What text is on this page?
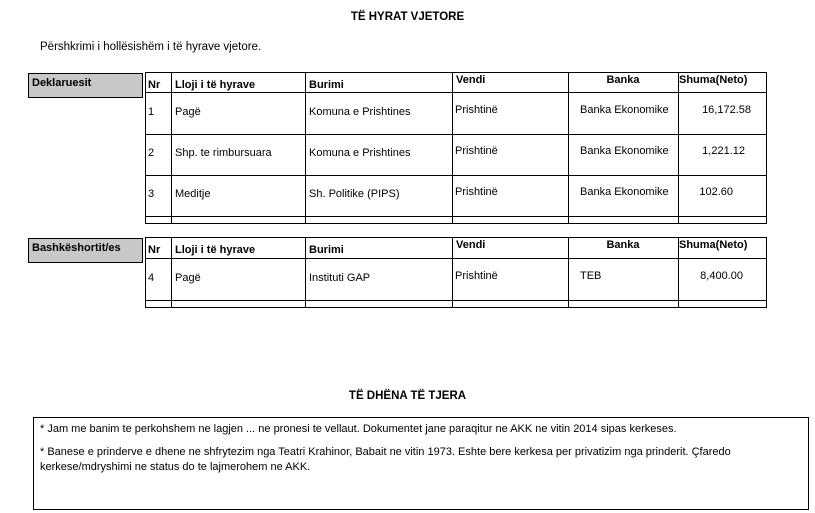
TË HYRAT VJETORE
Përshkrimi i hollësishëm i të hyrave vjetore.
Deklaruesit	Nr Lloji i të hyrave	Burimi	Vendi	Banka	Shuma(Neto)
1 Pagë	Komuna e Prishtines	Prishtinë	Banka Ekonomike	16,172.58
2 Shp. te rimbursuara	Komuna e Prishtines	Prishtinë	Banka Ekonomike	1,221.12
3 Meditje	Sh. Politike (PIPS)	Prishtinë	Banka Ekonomike	102.60
Bashkëshortit/es	Nr Lloji i të hyrave	Burimi	Vendi	Banka	Shuma(Neto)
4 Pagë	Instituti GAP	Prishtinë	TEB	8,400.00
TË DHËNA TË TJERA

* Jam me banim te perkohshem ne lagjen ... ne pronesi te vellaut. Dokumentet jane paraqitur ne AKK ne vitin 2014 sipas kerkeses.

* Banese e prinderve e dhene ne shfrytezim nga Teatri Krahinor, Babait ne vitin 1973. Eshte bere kerkesa per privatizim nga prinderit. Çfaredo kerkese/mdryshimi ne status do te lajmerohem ne AKK.
